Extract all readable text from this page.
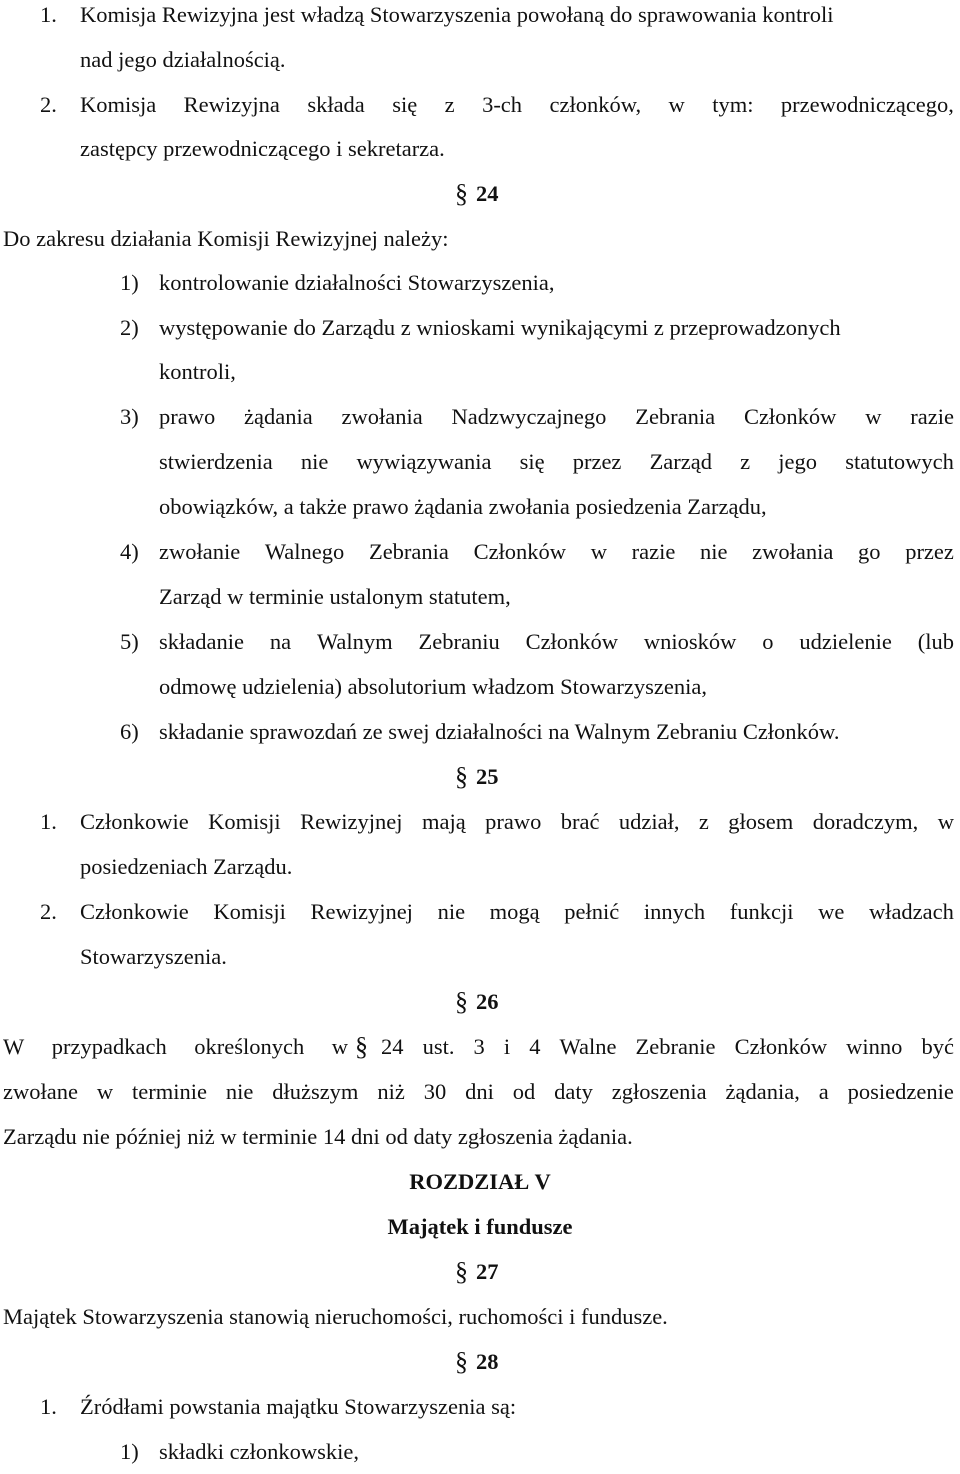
1. Komisja Rewizyjna jest władzą Stowarzyszenia powołaną do sprawowania kontroli
nad jego działalnością.
2. Komisja Rewizyjna składa się z 3-ch członków, w tym: przewodniczącego,
zastępcy przewodniczącego i sekretarza.
§ 24
Do zakresu działania Komisji Rewizyjnej należy:
1) kontrolowanie działalności Stowarzyszenia,
2) występowanie do Zarządu z wnioskami wynikającymi z przeprowadzonych
kontroli,
3) prawo żądania zwołania Nadzwyczajnego Zebrania Członków w razie
stwierdzenia nie wywiązywania się przez Zarząd z jego statutowych
obowiązków, a także prawo żądania zwołania posiedzenia Zarządu,
4) zwołanie Walnego Zebrania Członków w razie nie zwołania go przez
Zarząd w terminie ustalonym statutem,
5) składanie na Walnym Zebraniu Członków wniosków o udzielenie (lub
odmowę udzielenia) absolutorium władzom Stowarzyszenia,
6) składanie sprawozdań ze swej działalności na Walnym Zebraniu Członków.
§ 25
1. Członkowie Komisji Rewizyjnej mają prawo brać udział, z głosem doradczym, w
posiedzeniach Zarządu.
2. Członkowie Komisji Rewizyjnej nie mogą pełnić innych funkcji we władzach
Stowarzyszenia.
§ 26
W przypadkach określonych w § 24 ust. 3 i 4 Walne Zebranie Członków winno być
zwołane w terminie nie dłuższym niż 30 dni od daty zgłoszenia żądania, a posiedzenie
Zarządu nie później niż w terminie 14 dni od daty zgłoszenia żądania.
ROZDZIAŁ V
Majątek i fundusze
§ 27
Majątek Stowarzyszenia stanowią nieruchomości, ruchomości i fundusze.
§ 28
1. Źródłami powstania majątku Stowarzyszenia są:
1) składki członkowskie,
